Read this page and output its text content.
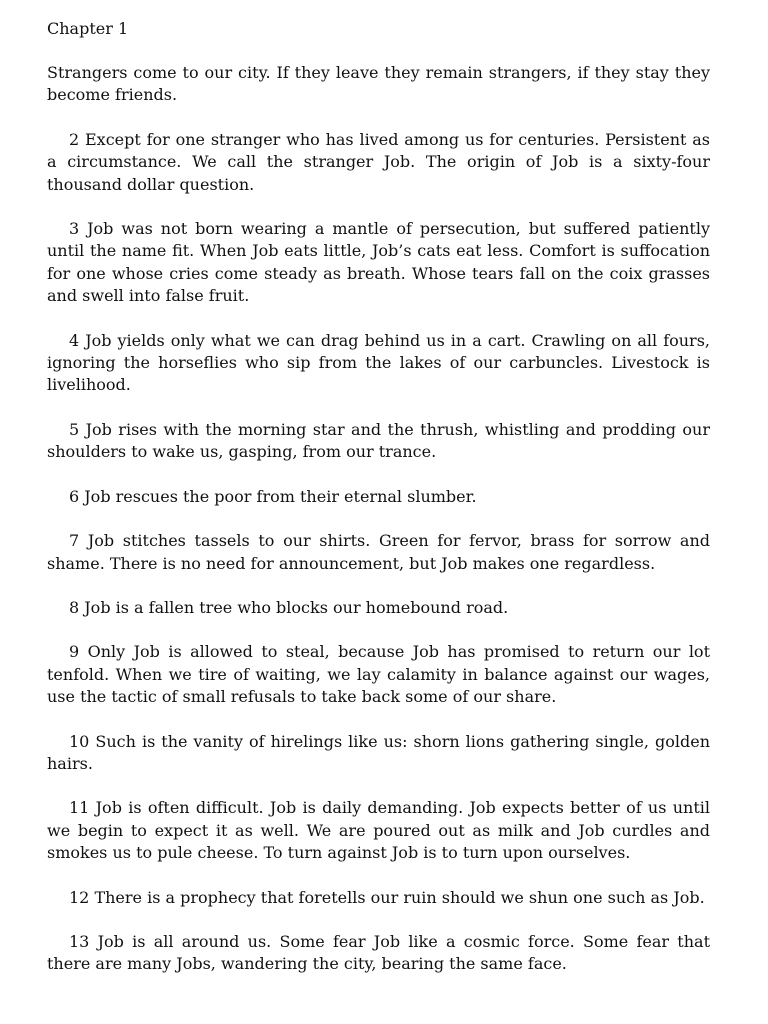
Chapter 1

Strangers come to our city. If they leave they remain strangers, if they stay they become friends.

2 Except for one stranger who has lived among us for centuries. Persistent as a circumstance. We call the stranger Job. The origin of Job is a sixty-four thousand dollar question.

3 Job was not born wearing a mantle of persecution, but suffered patiently until the name fit. When Job eats little, Job’s cats eat less. Comfort is suffocation for one whose cries come steady as breath. Whose tears fall on the coix grasses and swell into false fruit.

4 Job yields only what we can drag behind us in a cart. Crawling on all fours, ignoring the horseflies who sip from the lakes of our carbuncles. Livestock is livelihood.

5 Job rises with the morning star and the thrush, whistling and prodding our shoulders to wake us, gasping, from our trance.

6 Job rescues the poor from their eternal slumber.

7 Job stitches tassels to our shirts. Green for fervor, brass for sorrow and shame. There is no need for announcement, but Job makes one regardless.

8 Job is a fallen tree who blocks our homebound road.

9 Only Job is allowed to steal, because Job has promised to return our lot tenfold. When we tire of waiting, we lay calamity in balance against our wages, use the tactic of small refusals to take back some of our share.

10 Such is the vanity of hirelings like us: shorn lions gathering single, golden hairs.

11 Job is often difficult. Job is daily demanding. Job expects better of us until we begin to expect it as well. We are poured out as milk and Job curdles and smokes us to pule cheese. To turn against Job is to turn upon ourselves.

12 There is a prophecy that foretells our ruin should we shun one such as Job.

13 Job is all around us. Some fear Job like a cosmic force. Some fear that there are many Jobs, wandering the city, bearing the same face.
